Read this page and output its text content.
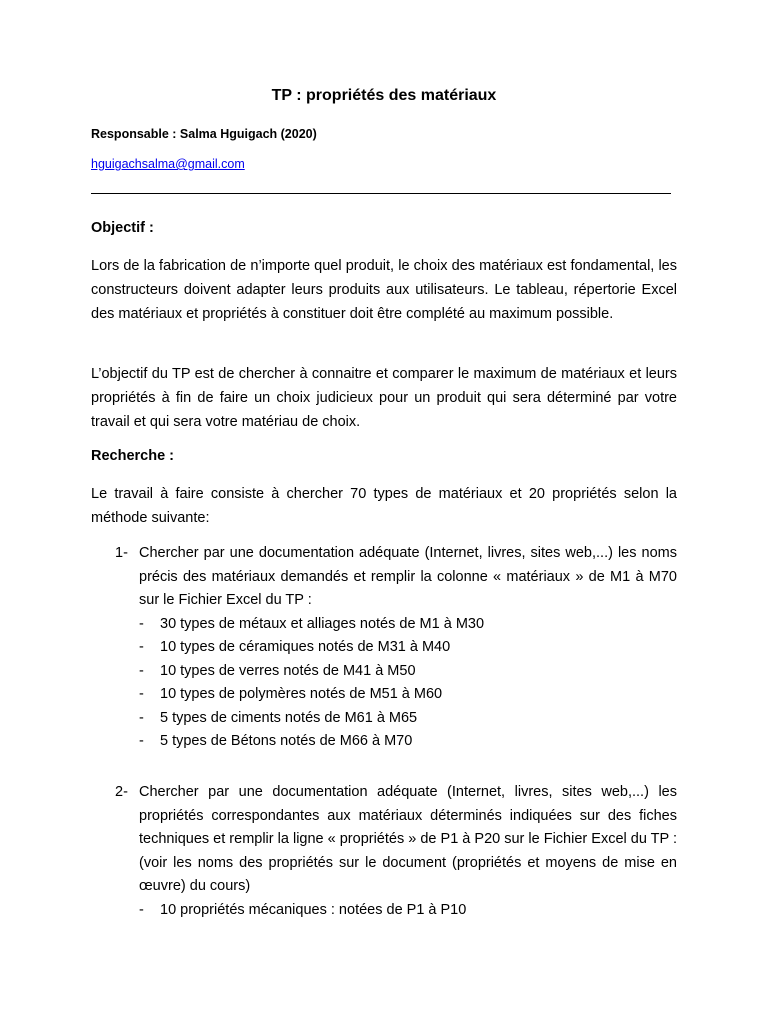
TP : propriétés des matériaux
Responsable : Salma Hguigach (2020)
hguigachsalma@gmail.com
Objectif :
Lors de la fabrication de n’importe quel produit, le choix des matériaux est fondamental, les constructeurs doivent adapter leurs produits aux utilisateurs. Le tableau, répertorie Excel des matériaux et propriétés à constituer doit être complété au maximum possible.
L’objectif du TP est de chercher à connaitre et comparer le maximum de matériaux et leurs propriétés à fin de faire un choix judicieux pour un produit qui sera déterminé par votre travail et qui sera votre matériau de choix.
Recherche :
Le travail à faire consiste à chercher 70 types de matériaux et 20 propriétés selon la méthode suivante:
1- Chercher par une documentation adéquate (Internet, livres, sites web,...) les noms précis des matériaux demandés et remplir la colonne « matériaux » de M1 à M70 sur le Fichier Excel du TP :
-	30 types de métaux et alliages notés de M1 à M30
-	10 types de céramiques notés de M31 à M40
-	10 types de verres notés de M41 à M50
-	10 types de polymères notés de M51 à M60
-	5 types de ciments notés de M61 à M65
-	5 types de Bétons notés de M66 à M70
2- Chercher par une documentation adéquate (Internet, livres, sites web,...) les propriétés correspondantes aux matériaux déterminés indiquées sur des fiches techniques et remplir la ligne « propriétés » de P1 à P20 sur le Fichier Excel du TP : (voir les noms des propriétés sur le document (propriétés et moyens de mise en œuvre) du cours)
-	10 propriétés mécaniques : notées de P1 à P10
